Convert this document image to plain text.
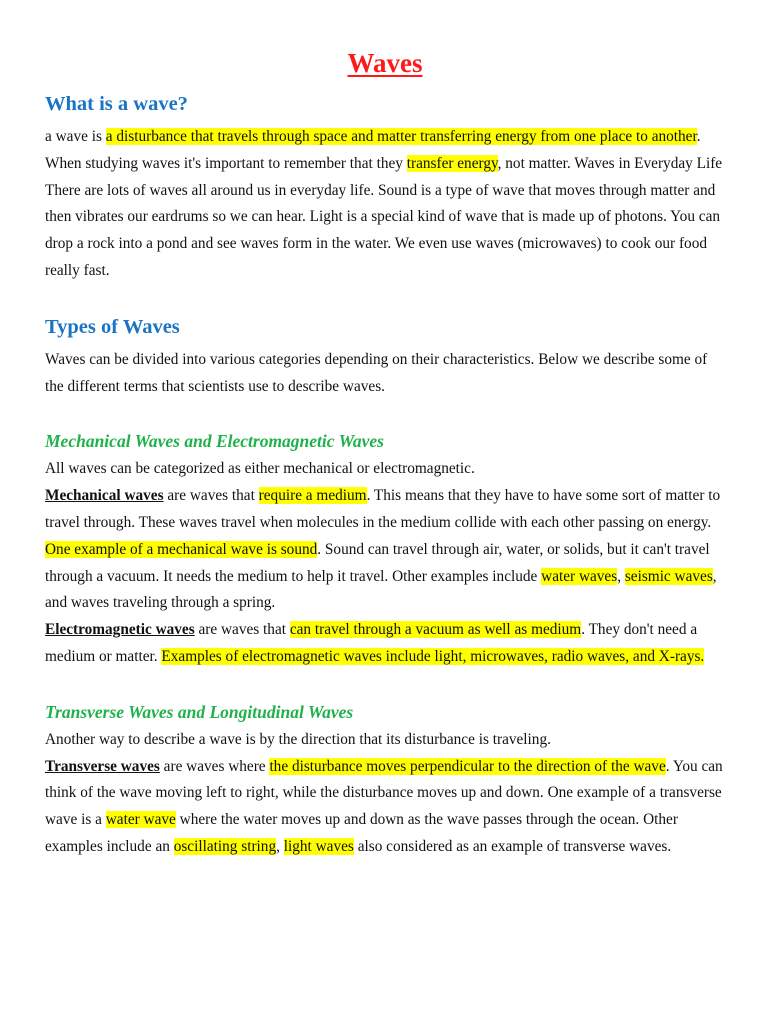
Waves
What is a wave?

a wave is a disturbance that travels through space and matter transferring energy from one place to another. When studying waves it's important to remember that they transfer energy, not matter. Waves in Everyday Life There are lots of waves all around us in everyday life. Sound is a type of wave that moves through matter and then vibrates our eardrums so we can hear. Light is a special kind of wave that is made up of photons. You can drop a rock into a pond and see waves form in the water. We even use waves (microwaves) to cook our food really fast.

Types of Waves

Waves can be divided into various categories depending on their characteristics. Below we describe some of the different terms that scientists use to describe waves.

Mechanical Waves and Electromagnetic Waves

All waves can be categorized as either mechanical or electromagnetic.

Mechanical waves are waves that require a medium. This means that they have to have some sort of matter to travel through. These waves travel when molecules in the medium collide with each other passing on energy. One example of a mechanical wave is sound. Sound can travel through air, water, or solids, but it can't travel through a vacuum. It needs the medium to help it travel. Other examples include water waves, seismic waves, and waves traveling through a spring.

Electromagnetic waves are waves that can travel through a vacuum as well as medium. They don't need a medium or matter. Examples of electromagnetic waves include light, microwaves, radio waves, and X-rays.

Transverse Waves and Longitudinal Waves

Another way to describe a wave is by the direction that its disturbance is traveling.

Transverse waves are waves where the disturbance moves perpendicular to the direction of the wave. You can think of the wave moving left to right, while the disturbance moves up and down. One example of a transverse wave is a water wave where the water moves up and down as the wave passes through the ocean. Other examples include an oscillating string, light waves also considered as an example of transverse waves.
